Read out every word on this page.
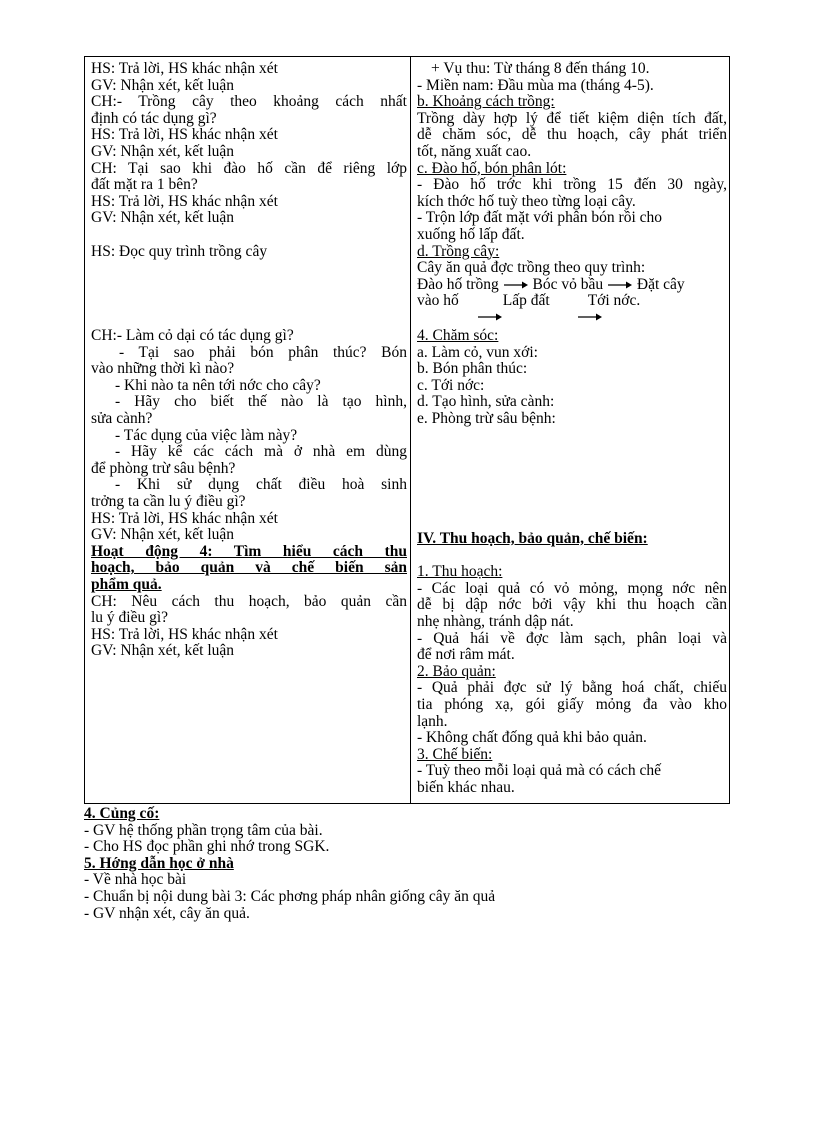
HS: Trả lời, HS khác nhận xét
GV: Nhận xét, kết luận
CH:- Trồng cây theo khoảng cách nhất
định có tác dụng gì?
HS: Trả lời, HS khác nhận xét
GV: Nhận xét, kết luận
CH: Tại sao khi đào hố cần để riêng lớp
đất mặt ra 1 bên?
HS: Trả lời, HS khác nhận xét
GV: Nhận xét, kết luận
HS: Đọc quy trình trồng cây
CH:- Làm cỏ dại có tác dụng gì?
- Tại sao phải bón phân thúc? Bón
vào những thời kì nào?
- Khi nào ta nên tới nớc cho cây?
- Hãy cho biết thế nào là tạo hình,
sửa cành?
- Tác dụng của việc làm này?
- Hãy kể các cách mà ở nhà em dùng
để phòng trừ sâu bệnh?
- Khi sử dụng chất điều hoà sinh
trởng ta cần lu ý điều gì?
HS: Trả lời, HS khác nhận xét
GV: Nhận xét, kết luận
Hoạt động 4: Tìm hiểu cách thu
hoạch, bảo quản và chế biến sản
phẩm quả.
CH: Nêu cách thu hoạch, bảo quản cần
lu ý điều gì?
HS: Trả lời, HS khác nhận xét
GV: Nhận xét, kết luận
+ Vụ thu: Từ tháng 8 đến tháng 10.
- Miền nam: Đầu mùa ma (tháng 4-5).
b. Khoảng cách trồng:
Trồng dày hợp lý để tiết kiệm diện tích đất,
dễ chăm sóc, dễ thu hoạch, cây phát triển
tốt, năng xuất cao.
c. Đào hố, bón phân lót:
- Đào hố trớc khi trồng 15 đến 30 ngày,
kích thớc hố tuỳ theo từng loại cây.
- Trộn lớp đất mặt với phân bón rồi cho
xuống hố lấp đất.
d. Trồng cây:
Cây ăn quả đợc trồng theo quy trình:
Đào hố trồng Bóc vỏ bầu Đặt cây
vào hố	Lấp đất Tới nớc.
4. Chăm sóc:
a. Làm cỏ, vun xới:
b. Bón phân thúc:
c. Tới nớc:
d. Tạo hình, sửa cành:
e. Phòng trừ sâu bệnh:
IV. Thu hoạch, bảo quản, chế biến:
1. Thu hoạch:
- Các loại quả có vỏ mỏng, mọng nớc nên
dễ bị dập nớc bởi vậy khi thu hoạch cần
nhẹ nhàng, tránh dập nát.
- Quả hái về đợc làm sạch, phân loại và
để nơi râm mát.
2. Bảo quản:
- Quả phải đợc sử lý bằng hoá chất, chiếu
tia phóng xạ, gói giấy mỏng đa vào kho
lạnh.
- Không chất đống quả khi bảo quản.
3. Chế biến:
- Tuỳ theo mỗi loại quả mà có cách chế
biến khác nhau.
4. Củng cố:
- GV hệ thống phần trọng tâm của bài.
- Cho HS đọc phần ghi nhớ trong SGK.
5. Hớng dẫn học ở nhà
- Về nhà học bài
- Chuẩn bị nội dung bài 3: Các phơng pháp nhân giống cây ăn quả
- GV nhận xét, cây ăn quả.
